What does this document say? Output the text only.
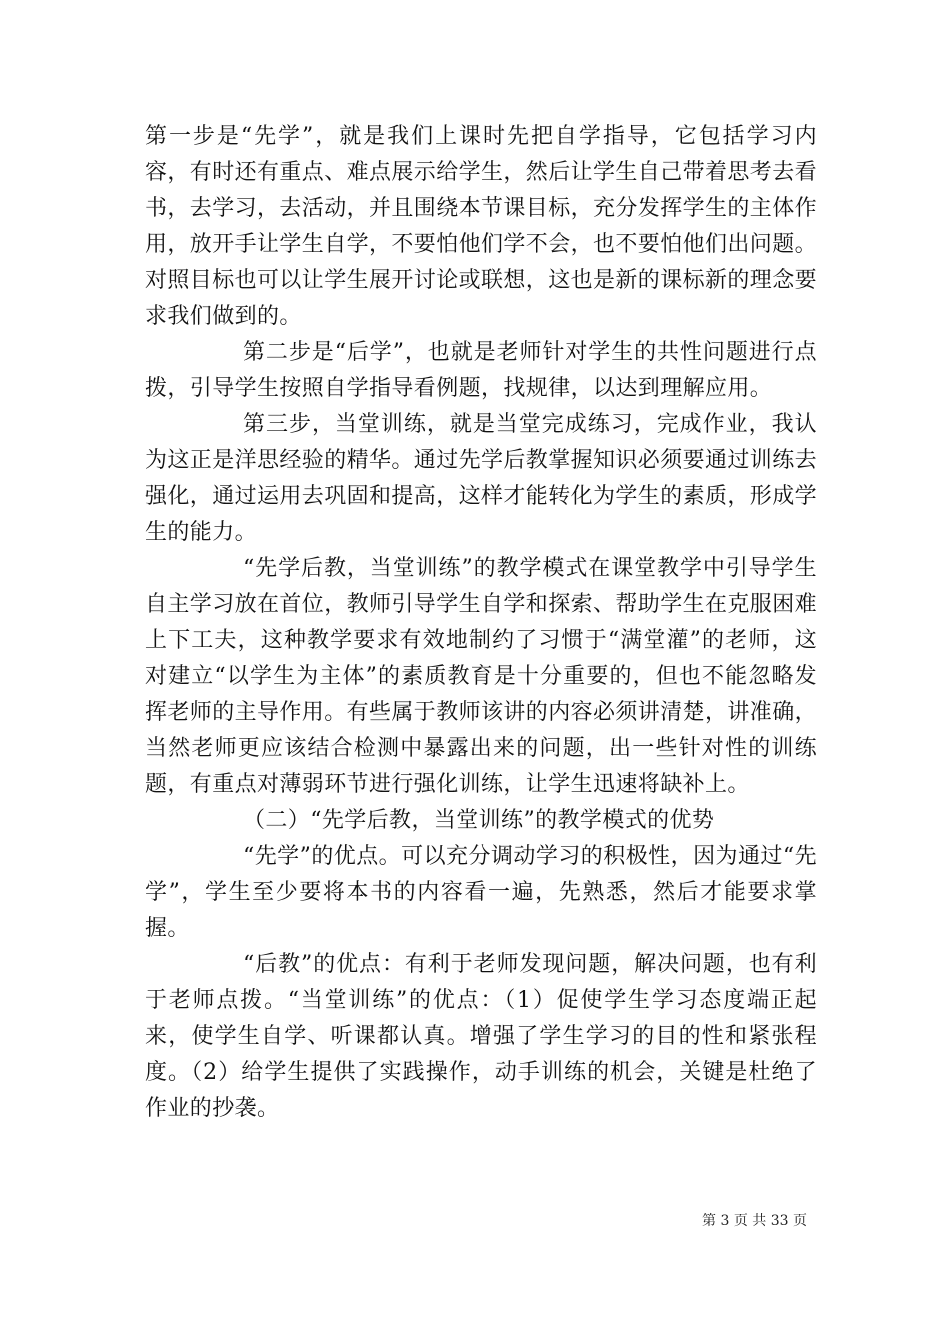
第一步是“先学”，就是我们上课时先把自学指导，它包括学习内容，有时还有重点、难点展示给学生，然后让学生自己带着思考去看书，去学习，去活动，并且围绕本节课目标，充分发挥学生的主体作用，放开手让学生自学，不要怕他们学不会，也不要怕他们出问题。对照目标也可以让学生展开讨论或联想，这也是新的课标新的理念要求我们做到的。

第二步是“后学”，也就是老师针对学生的共性问题进行点拨，引导学生按照自学指导看例题，找规律，以达到理解应用。

第三步，当堂训练，就是当堂完成练习，完成作业，我认为这正是洋思经验的精华。通过先学后教掌握知识必须要通过训练去强化，通过运用去巩固和提高，这样才能转化为学生的素质，形成学生的能力。

“先学后教，当堂训练”的教学模式在课堂教学中引导学生自主学习放在首位，教师引导学生自学和探索、帮助学生在克服困难上下工夫，这种教学要求有效地制约了习惯于“满堂灌”的老师，这对建立“以学生为主体”的素质教育是十分重要的，但也不能忽略发挥老师的主导作用。有些属于教师该讲的内容必须讲清楚，讲准确，当然老师更应该结合检测中暴露出来的问题，出一些针对性的训练题，有重点对薄弱环节进行强化训练，让学生迅速将缺补上。

（二）“先学后教，当堂训练”的教学模式的优势

“先学”的优点。可以充分调动学习的积极性，因为通过“先学”，学生至少要将本书的内容看一遍，先熟悉，然后才能要求掌握。

“后教”的优点：有利于老师发现问题，解决问题，也有利于老师点拨。“当堂训练”的优点：（1）促使学生学习态度端正起来，使学生自学、听课都认真。增强了学生学习的目的性和紧张程度。（2）给学生提供了实践操作，动手训练的机会，关键是杜绝了作业的抄袭。

第 3 页 共 33 页
